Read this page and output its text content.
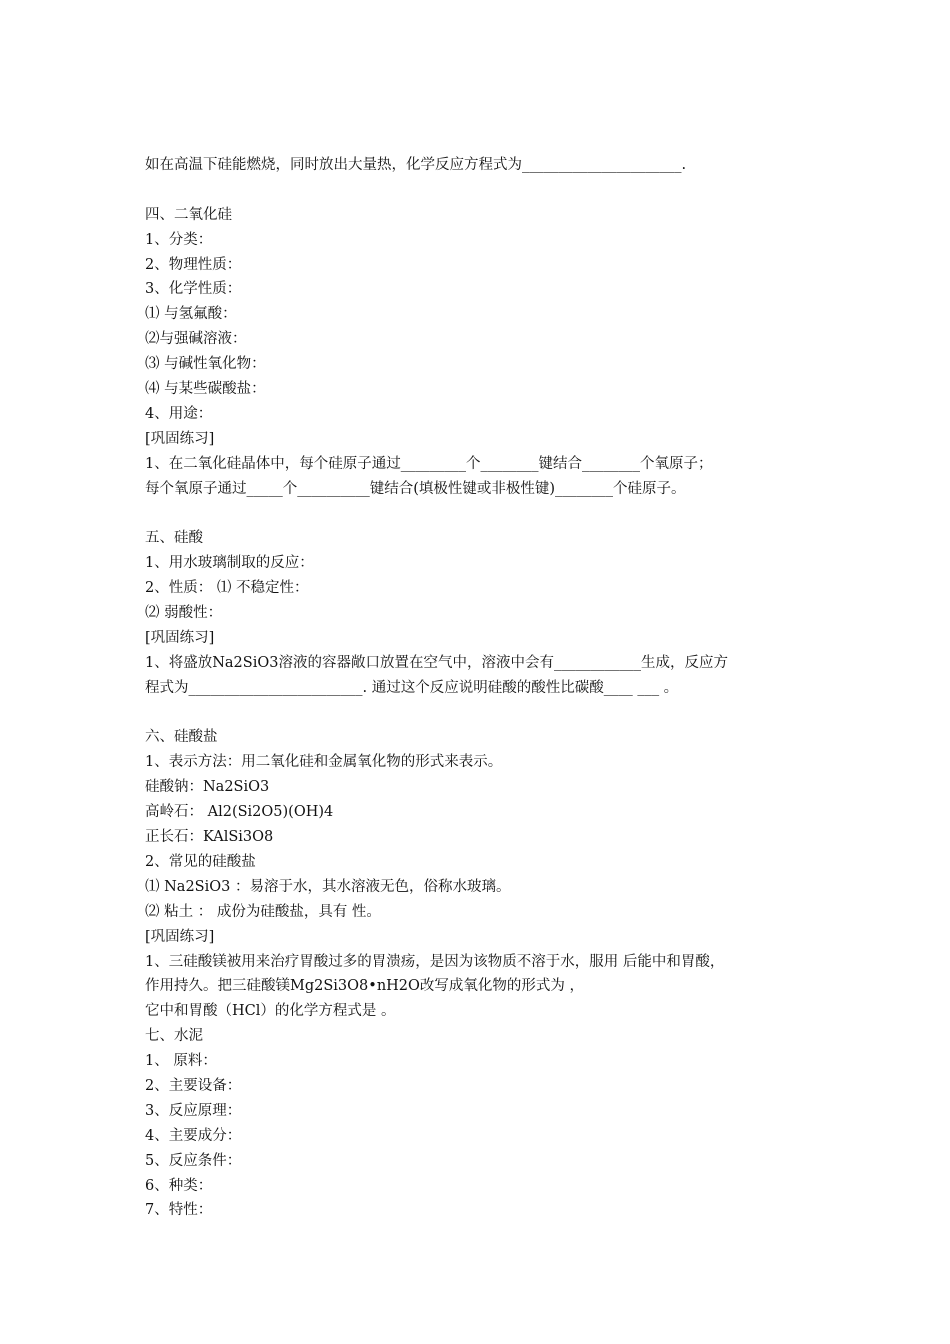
如在高温下硅能燃烧，同时放出大量热，化学反应方程式为______________________.
四、二氧化硅
1、分类：
2、物理性质：
3、化学性质：
⑴ 与氢氟酸：
⑵与强碱溶液：
⑶ 与碱性氧化物：
⑷ 与某些碳酸盐：
4、用途：
[巩固练习]
1、在二氧化硅晶体中，每个硅原子通过_________个________键结合________个氧原子；
每个氧原子通过_____个__________键结合(填极性键或非极性键)________个硅原子。
五、硅酸
1、用水玻璃制取的反应：
2、性质： ⑴ 不稳定性：
⑵ 弱酸性：
[巩固练习]
1、将盛放Na2SiO3溶液的容器敞口放置在空气中，溶液中会有____________生成，反应方
程式为________________________. 通过这个反应说明硅酸的酸性比碳酸____ ___ 。
六、硅酸盐
1、表示方法：用二氧化硅和金属氧化物的形式来表示。
硅酸钠：Na2SiO3
高岭石： Al2(Si2O5)(OH)4
正长石：KAlSi3O8
2、常见的硅酸盐
⑴ Na2SiO3 ：易溶于水，其水溶液无色，俗称水玻璃。
⑵ 粘土 ： 成份为硅酸盐，具有 性。
[巩固练习]
1、三硅酸镁被用来治疗胃酸过多的胃溃疡，是因为该物质不溶于水，服用 后能中和胃酸，
作用持久。把三硅酸镁Mg2Si3O8•nH2O改写成氧化物的形式为 ，
它中和胃酸（HCl）的化学方程式是 。
七、水泥
1、 原料：
2、主要设备：
3、反应原理：
4、主要成分：
5、反应条件：
6、种类：
7、特性：
